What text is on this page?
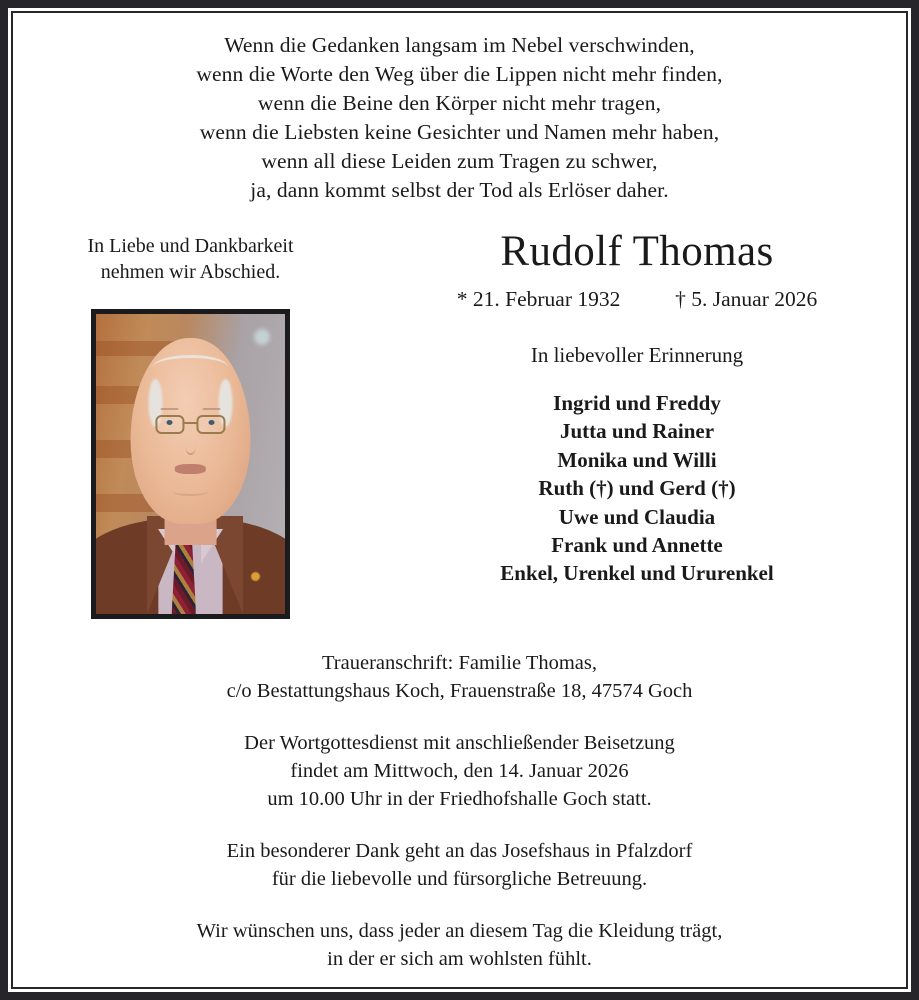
Wenn die Gedanken langsam im Nebel verschwinden,
wenn die Worte den Weg über die Lippen nicht mehr finden,
wenn die Beine den Körper nicht mehr tragen,
wenn die Liebsten keine Gesichter und Namen mehr haben,
wenn all diese Leiden zum Tragen zu schwer,
ja, dann kommt selbst der Tod als Erlöser daher.
In Liebe und Dankbarkeit
nehmen wir Abschied.	Rudolf Thomas
* 21. Februar 1932	† 5. Januar 2026
In liebevoller Erinnerung
Ingrid und Freddy
Jutta und Rainer
Monika und Willi
Ruth (†) und Gerd (†)
Uwe und Claudia
Frank und Annette
Enkel, Urenkel und Ururenkel
Traueranschrift: Familie Thomas,
c/o Bestattungshaus Koch, Frauenstraße 18, 47574 Goch
Der Wortgottesdienst mit anschließender Beisetzung
findet am Mittwoch, den 14. Januar 2026
um 10.00 Uhr in der Friedhofshalle Goch statt.
Ein besonderer Dank geht an das Josefshaus in Pfalzdorf
für die liebevolle und fürsorgliche Betreuung.
Wir wünschen uns, dass jeder an diesem Tag die Kleidung trägt,
in der er sich am wohlsten fühlt.
